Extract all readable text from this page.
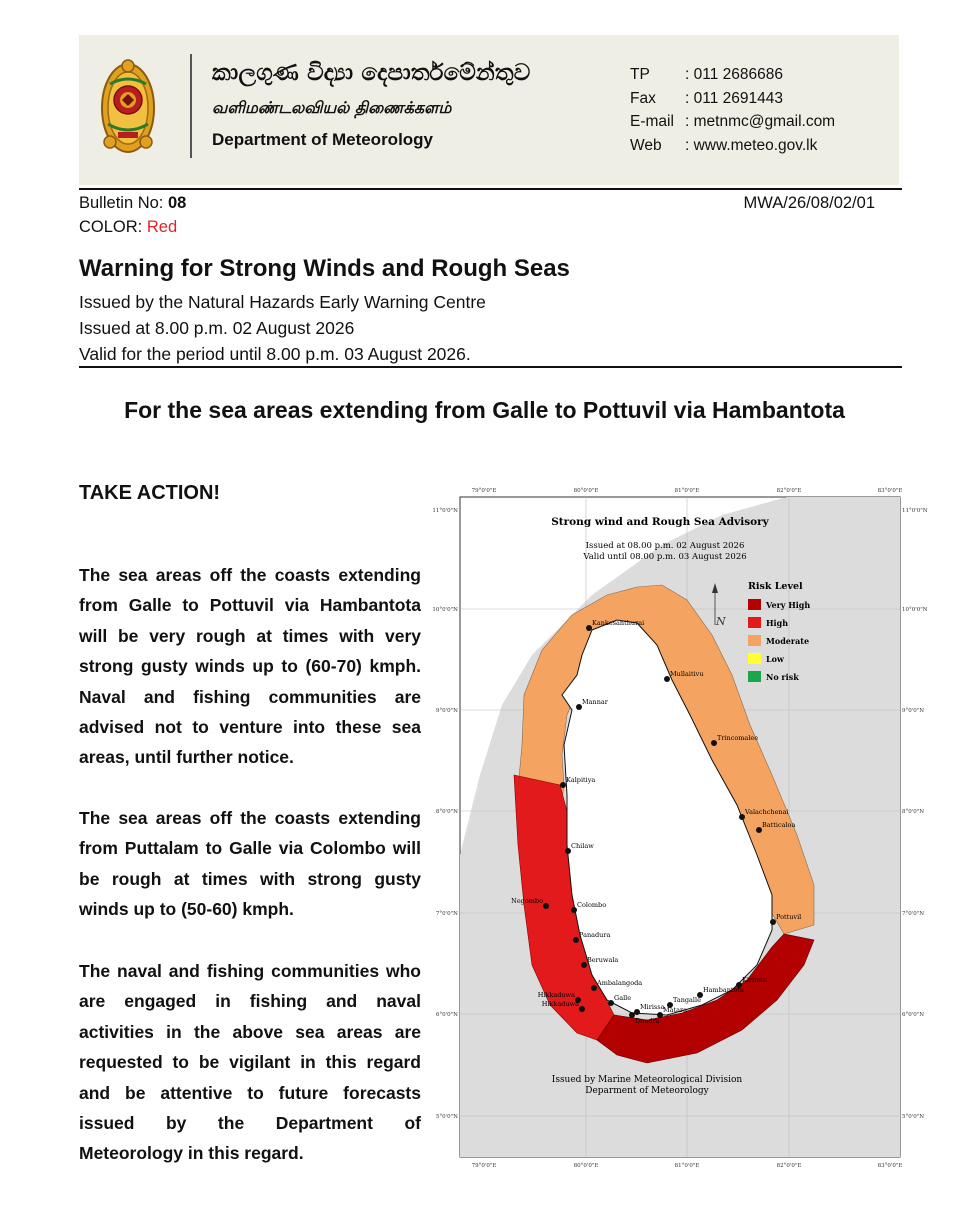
කාලගුණ විද්‍යා දෙපාර්තමේන්තුව
வளிமண்டலவியல் திணைக்களம்
Department of Meteorology
TP : 011 2686686
Fax : 011 2691443
E-mail : metnmc@gmail.com
Web : www.meteo.gov.lk
Bulletin No: 08	MWA/26/08/02/01
COLOR: Red
Warning for Strong Winds and Rough Seas
Issued by the Natural Hazards Early Warning Centre
Issued at 8.00 p.m. 02 August 2026
Valid for the period until 8.00 p.m. 03 August 2026.
For the sea areas extending from Galle to Pottuvil via Hambantota
TAKE ACTION!
The sea areas off the coasts extending from Galle to Pottuvil via Hambantota will be very rough at times with very strong gusty winds up to (60-70) kmph. Naval and fishing communities are advised not to venture into these sea areas, until further notice.
The sea areas off the coasts extending from Puttalam to Galle via Colombo will be rough at times with strong gusty winds up to (50-60) kmph.
The naval and fishing communities who are engaged in fishing and naval activities in the above sea areas are requested to be vigilant in this regard and be attentive to future forecasts issued by the Department of Meteorology in this regard.
Strong wind and Rough Sea Advisory
Issued at 08.00 p.m. 02 August 2026
Valid until 08.00 p.m. 03 August 2026
N
Risk Level
Very High
High
Moderate
Low
No risk
Kankesanthurai
Mullaitivu
Mannar
Trincomalee
Kalpitiya
Valachchenai
Batticaloa
Chilaw
Colombo
Negombo
Pottuvil
Panadura
Beruwala
Ambalangoda	Kirinda
Hambantota
Hikkaduwa	Galle	Tangalle
Mirissa
Matara
Dondra
Hikkaduwa
Issued by Marine Meteorological Division
Deparment of Meteorology
79°0'0"E	80°0'0"E	81°0'0"E	82°0'0"E	83°0'0"E
79°0'0"E	80°0'0"E	81°0'0"E	82°0'0"E	83°0'0"E
11°0'0"N
10°0'0"N
9°0'0"N
8°0'0"N
7°0'0"N
6°0'0"N
5°0'0"N
11°0'0"N
10°0'0"N
9°0'0"N
8°0'0"N
7°0'0"N
6°0'0"N
5°0'0"N
